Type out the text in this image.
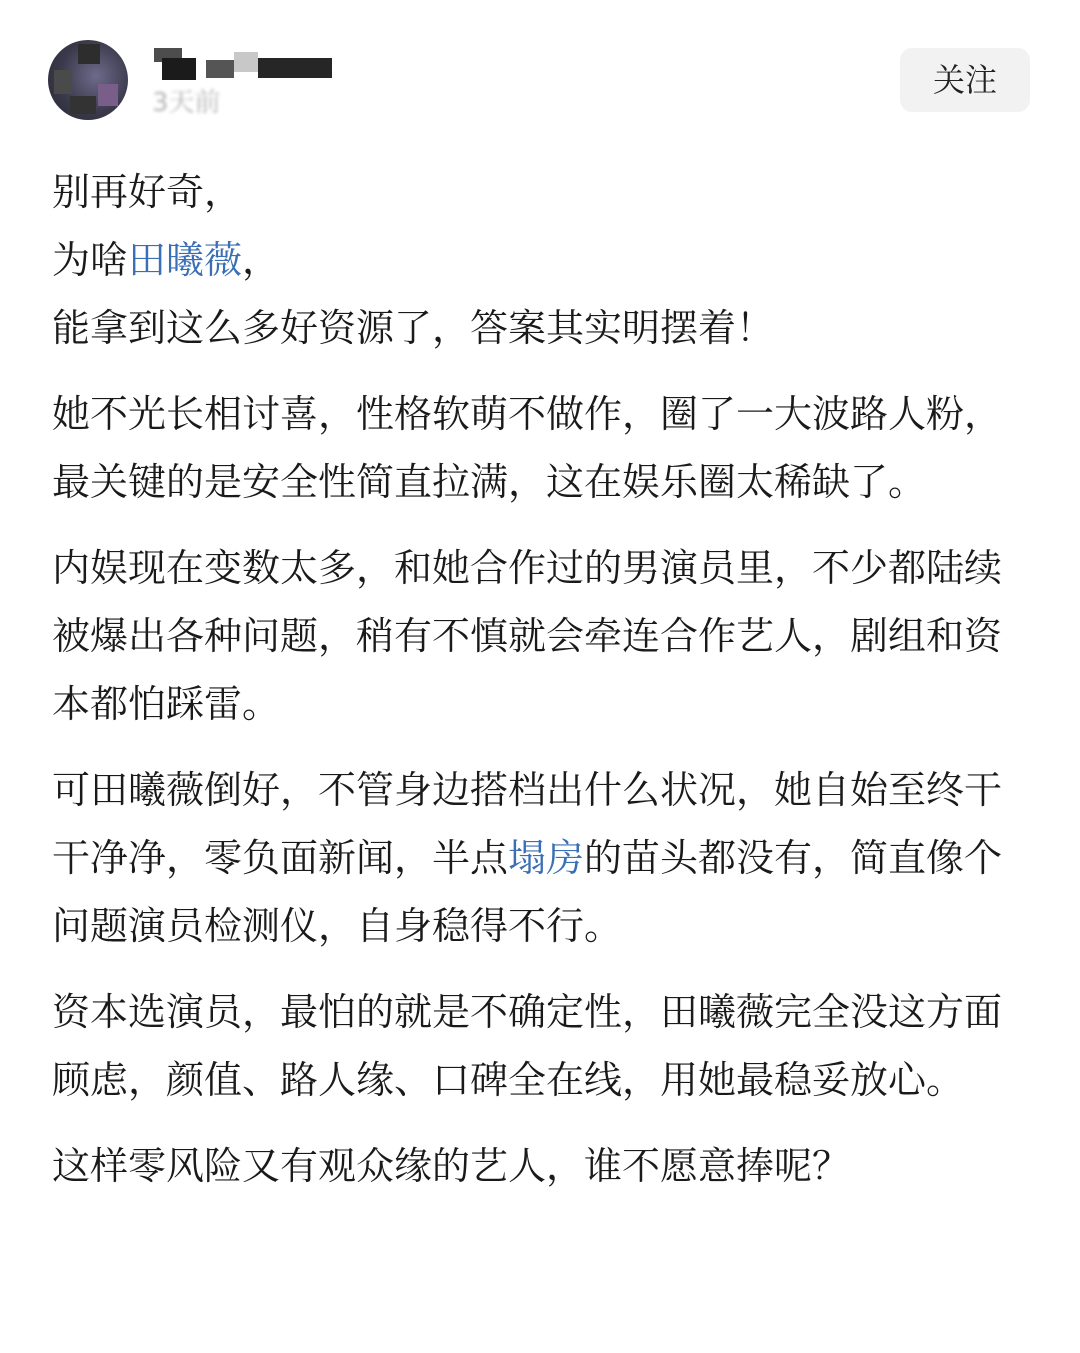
3天前
关注

别再好奇，
为啥田曦薇，
能拿到这么多好资源了，答案其实明摆着！

她不光长相讨喜，性格软萌不做作，圈了一大波路人粉，最关键的是安全性简直拉满，这在娱乐圈太稀缺了。

内娱现在变数太多，和她合作过的男演员里，不少都陆续被爆出各种问题，稍有不慎就会牵连合作艺人，剧组和资本都怕踩雷。

可田曦薇倒好，不管身边搭档出什么状况，她自始至终干干净净，零负面新闻，半点塌房的苗头都没有，简直像个问题演员检测仪，自身稳得不行。

资本选演员，最怕的就是不确定性，田曦薇完全没这方面顾虑，颜值、路人缘、口碑全在线，用她最稳妥放心。

这样零风险又有观众缘的艺人，谁不愿意捧呢？
